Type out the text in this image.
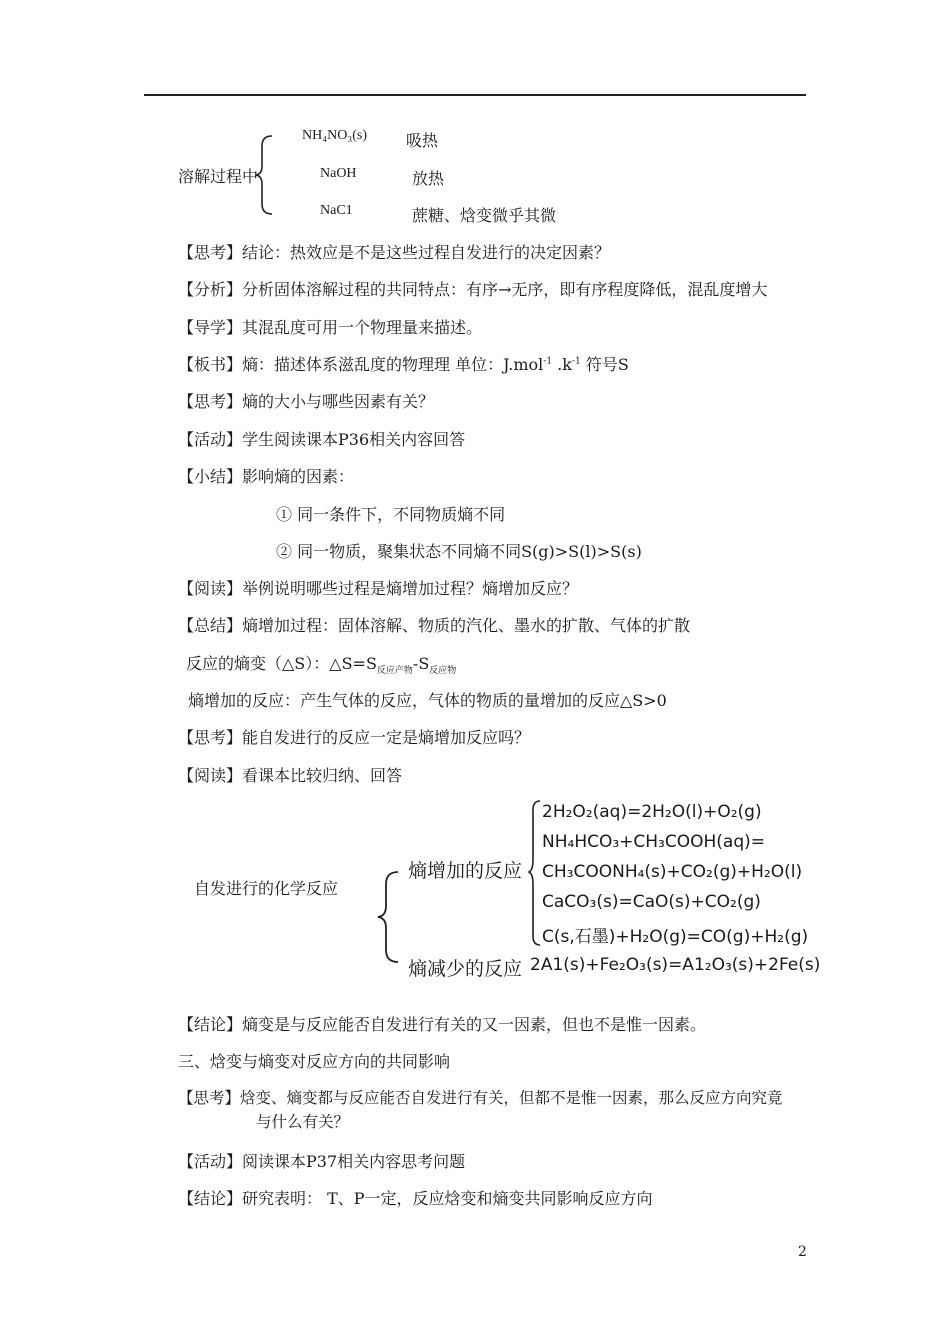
溶解过程中
NH₄NO₃(s) 吸热
NaOH	放热
NaC1	蔗糖、焓变微乎其微
【思考】结论：热效应是不是这些过程自发进行的决定因素？
【分析】分析固体溶解过程的共同特点：有序→无序，即有序程度降低，混乱度增大
【导学】其混乱度可用一个物理量来描述。
【板书】熵：描述体系滋乱度的物理理 单位：J.mol$^{-1}$ $.k^{-1}$ 符号S
【思考】熵的大小与哪些因素有关？
【活动】学生阅读课本P36相关内容回答
【小结】影响熵的因素：
① 同一条件下，不同物质熵不同
② 同一物质，聚集状态不同熵不同S(g)>S(l)>S(s)
【阅读】举例说明哪些过程是熵增加过程？熵增加反应？
【总结】熵增加过程：固体溶解、物质的汽化、墨水的扩散、气体的扩散
反应的熵变（△S）：$\triangle S=S_{反应产物}-S_{反应物}$
熵增加的反应：产生气体的反应，气体的物质的量增加的反应△S>0
【思考】能自发进行的反应一定是熵增加反应吗？
【阅读】看课本比较归纳、回答
自发进行的化学反应
熵增加的反应
熵减少的反应
2H₂O₂(aq)=2H₂O(l)+O₂(g)
NH₄HCO₃+CH₃COOH(aq)=
CH₃COONH₄(s)+CO₂(g)+H₂O(l)
CaCO₃(s)=CaO(s)+CO₂(g)
C(s,石墨)+H₂O(g)=CO(g)+H₂(g)
2A1(s)+Fe₂O₃(s)=A1₂O₃(s)+2Fe(s)
【结论】熵变是与反应能否自发进行有关的又一因素，但也不是惟一因素。
三、焓变与熵变对反应方向的共同影响
【思考】焓变、熵变都与反应能否自发进行有关，但都不是惟一因素，那么反应方向究竟
与什么有关？
【活动】阅读课本P37相关内容思考问题
【结论】研究表明： T、P一定，反应焓变和熵变共同影响反应方向
2
